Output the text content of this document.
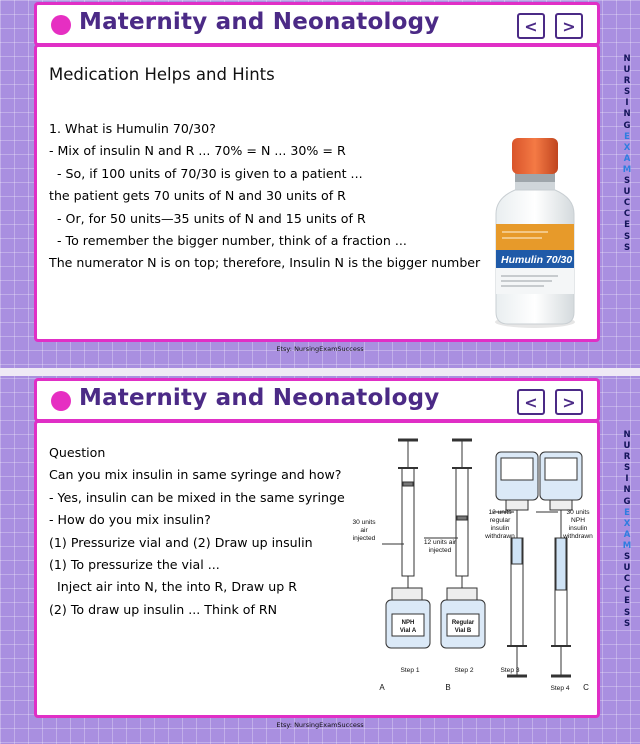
Maternity and Neonatology	<	>
Medication Helps and Hints
1. What is Humulin 70/30?
- Mix of insulin N and R ... 70% = N ... 30% = R
- So, if 100 units of 70/30 is given to a patient ...
the patient gets 70 units of N and 30 units of R
- Or, for 50 units—35 units of N and 15 units of R
- To remember the bigger number, think of a fraction ...
The numerator N is on top; therefore, Insulin N is the bigger number Humulin 70/30
Etsy: NursingExamSuccess
N
U
R
S
I
N
G
E
X
A
M
S
U
C
C
E
S
S
Maternity and Neonatology	<	>
Question
Can you mix insulin in same syringe and how?
- Yes, insulin can be mixed in the same syringe
- How do you mix insulin?
(1) Pressurize vial and (2) Draw up insulin
(1) To pressurize the vial ...
Inject air into N, the into R, Draw up R
(2) To draw up insulin ... Think of RN
Etsy: NursingExamSuccess
N
U
R
S
I
N
G
E
X
A
M
S
U
C
C
E
S
S
30 units
air
injected
12 units air
injected
12 units
regular
insulin
withdrawn
30 units
NPH
insulin
withdrawn
NPH
Vial A
Regular
Vial B
Step 1	Step 2	Step 3
Step 4
A	B	C
